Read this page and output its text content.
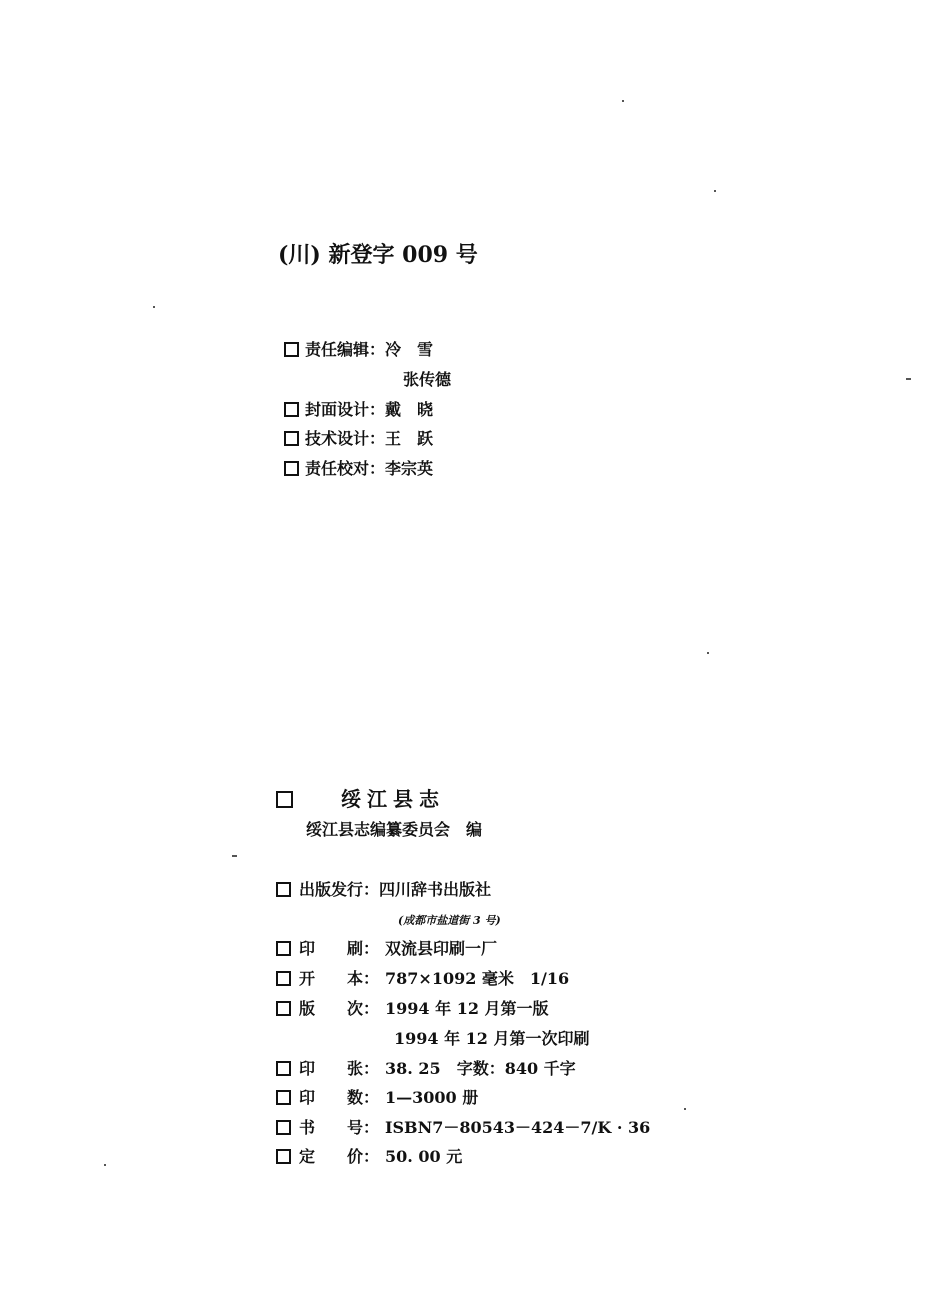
(川) 新登字 009 号
责任编辑：冷　雪
张传德
封面设计：戴　晓
技术设计：王　跃
责任校对：李宗英
绥江县志
绥江县志编纂委员会　编
出版发行：四川辞书出版社
(成都市盐道街 3 号)
印 刷： 双流县印刷一厂
开 本： 787×1092 毫米　1/16
版 次： 1994 年 12 月第一版
1994 年 12 月第一次印刷
印 张： 38. 25　字数：840 千字
印 数： 1—3000 册
书 号： ISBN7－80543－424－7/K · 36
定 价： 50. 00 元
